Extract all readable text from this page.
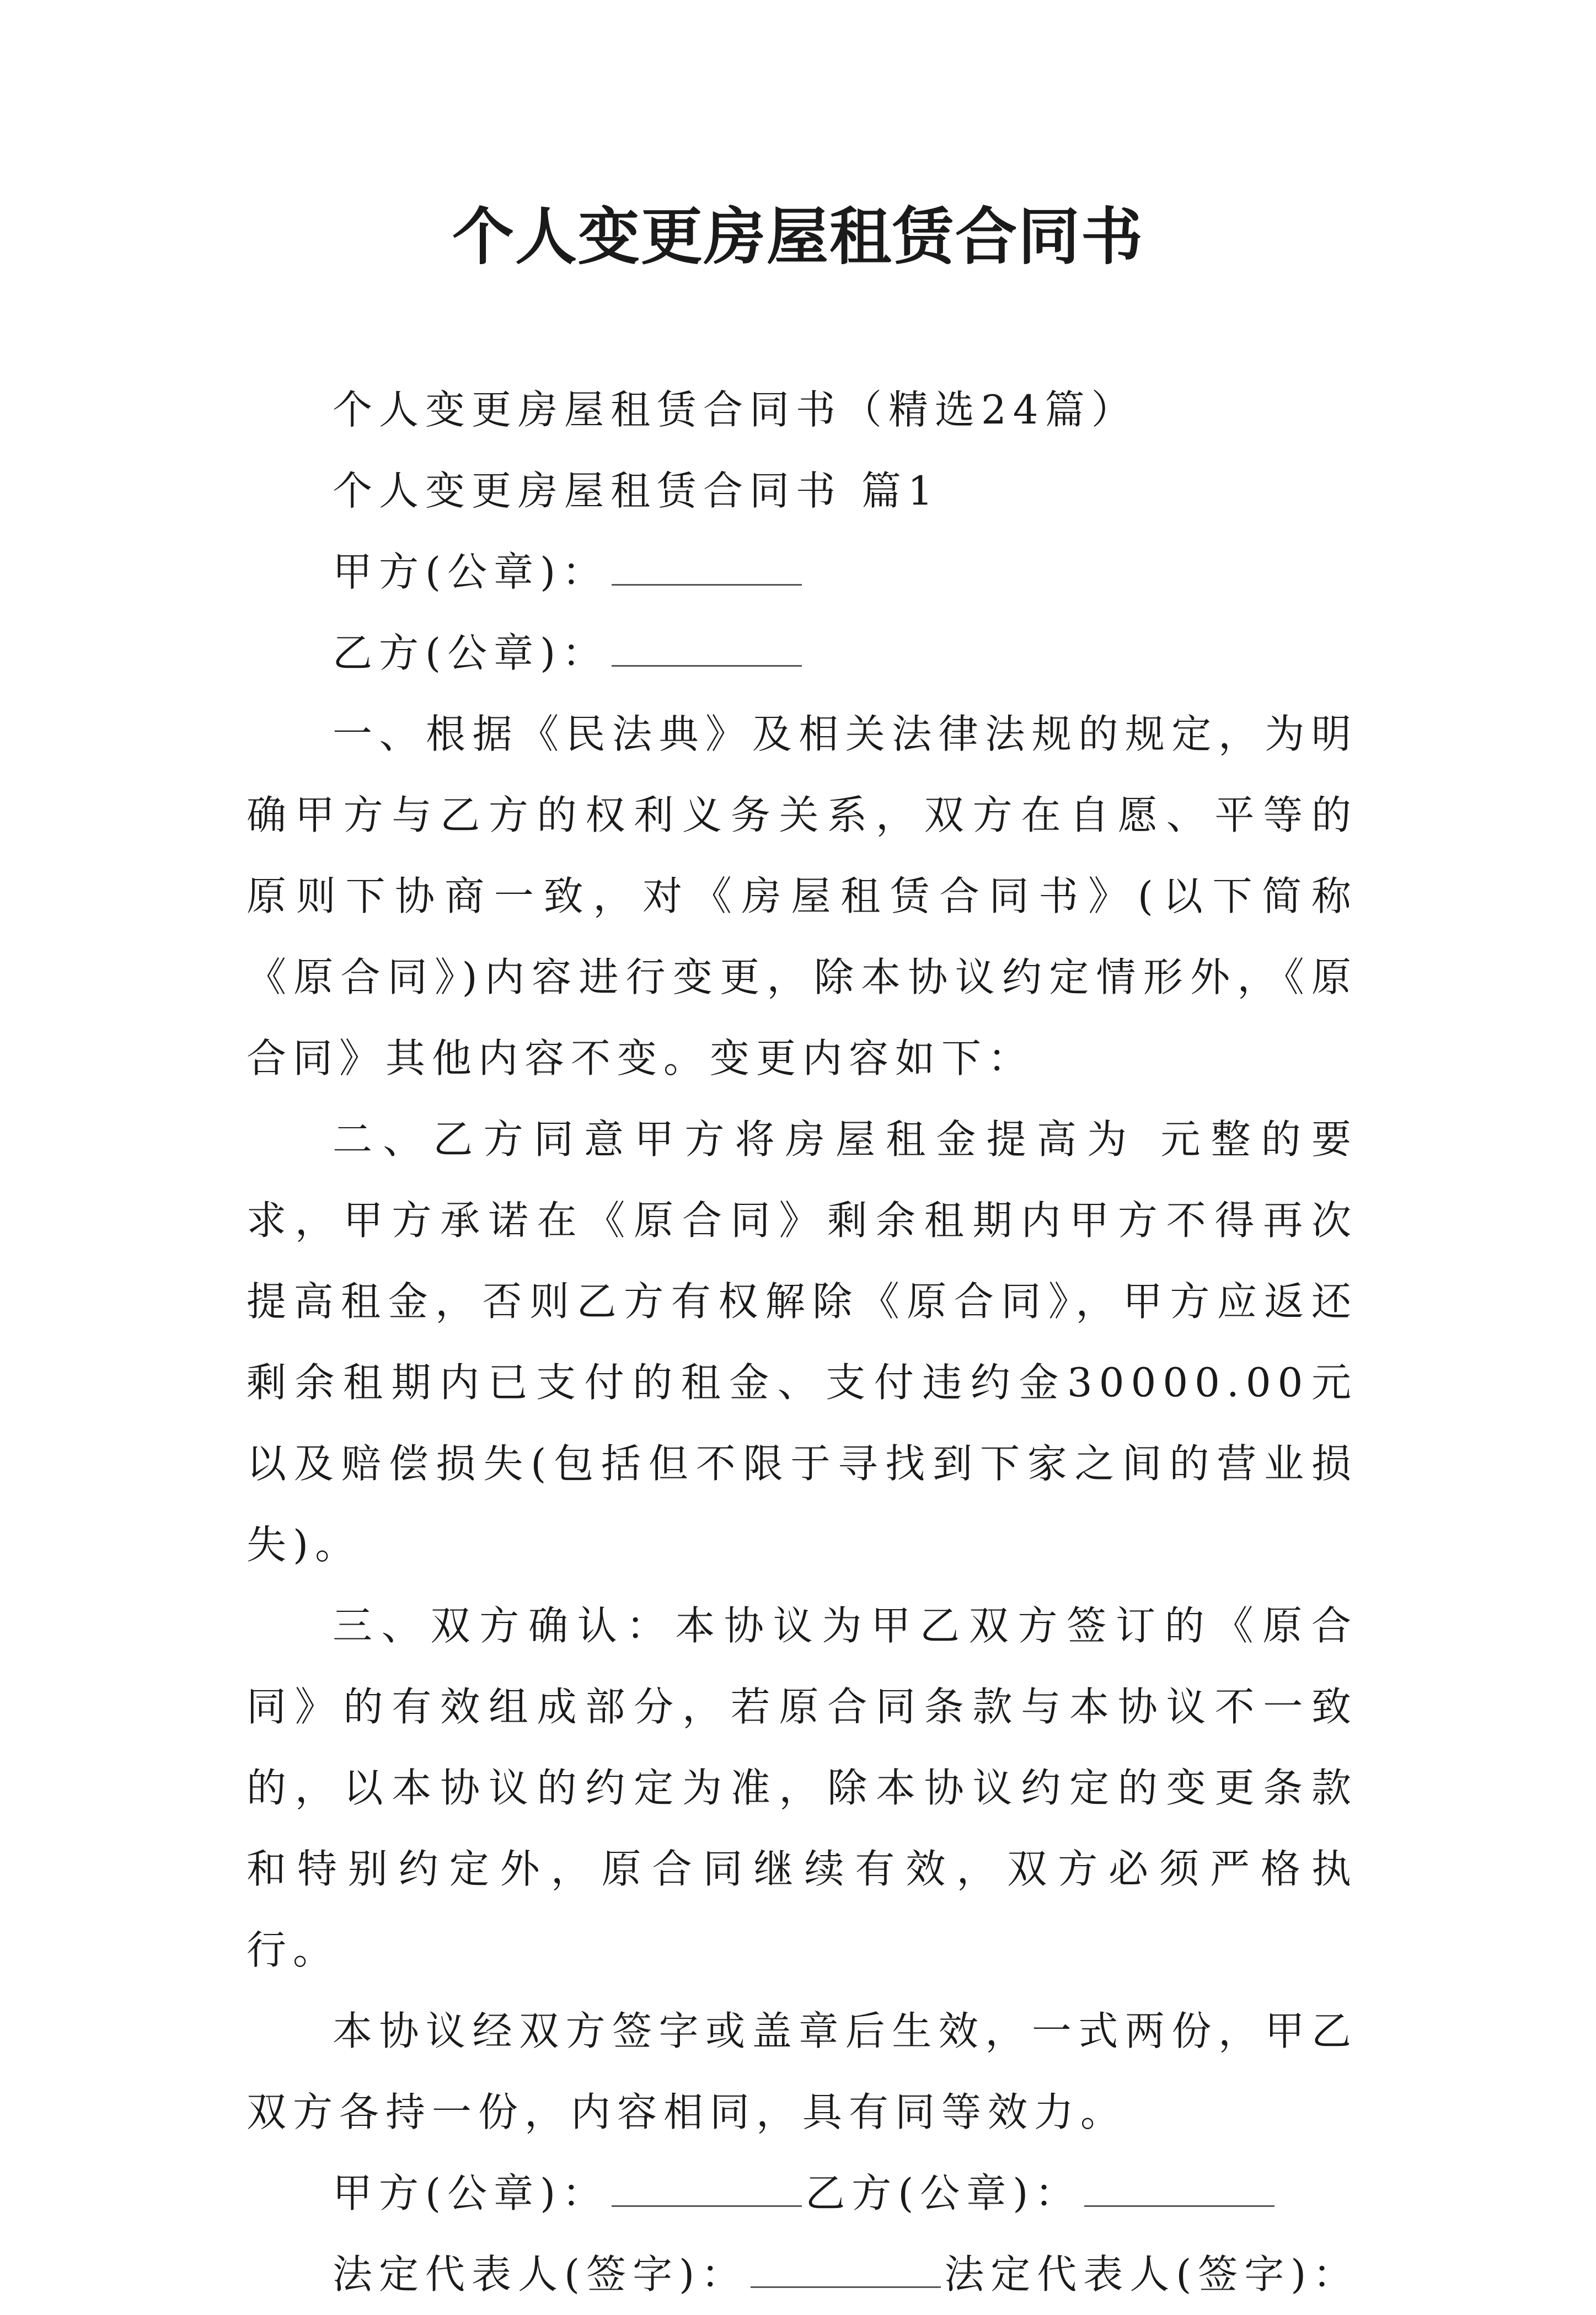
个人变更房屋租赁合同书

个人变更房屋租赁合同书（精选24篇）

个人变更房屋租赁合同书 篇1

甲方(公章)：

乙方(公章)：

一、根据《民法典》及相关法律法规的规定，为明确甲方与乙方的权利义务关系，双方在自愿、平等的原则下协商一致，对《房屋租赁合同书》(以下简称《原合同》)内容进行变更，除本协议约定情形外，《原合同》其他内容不变。变更内容如下：

二、乙方同意甲方将房屋租金提高为 元整的要求，甲方承诺在《原合同》剩余租期内甲方不得再次提高租金，否则乙方有权解除《原合同》，甲方应返还剩余租期内已支付的租金、支付违约金30000.00元以及赔偿损失(包括但不限于寻找到下家之间的营业损失)。

三、双方确认：本协议为甲乙双方签订的《原合同》的有效组成部分，若原合同条款与本协议不一致的，以本协议的约定为准，除本协议约定的变更条款和特别约定外，原合同继续有效，双方必须严格执行。

本协议经双方签字或盖章后生效，一式两份，甲乙双方各持一份，内容相同，具有同等效力。

甲方(公章)：	乙方(公章)：

法定代表人(签字)：	法定代表人(签字)：
